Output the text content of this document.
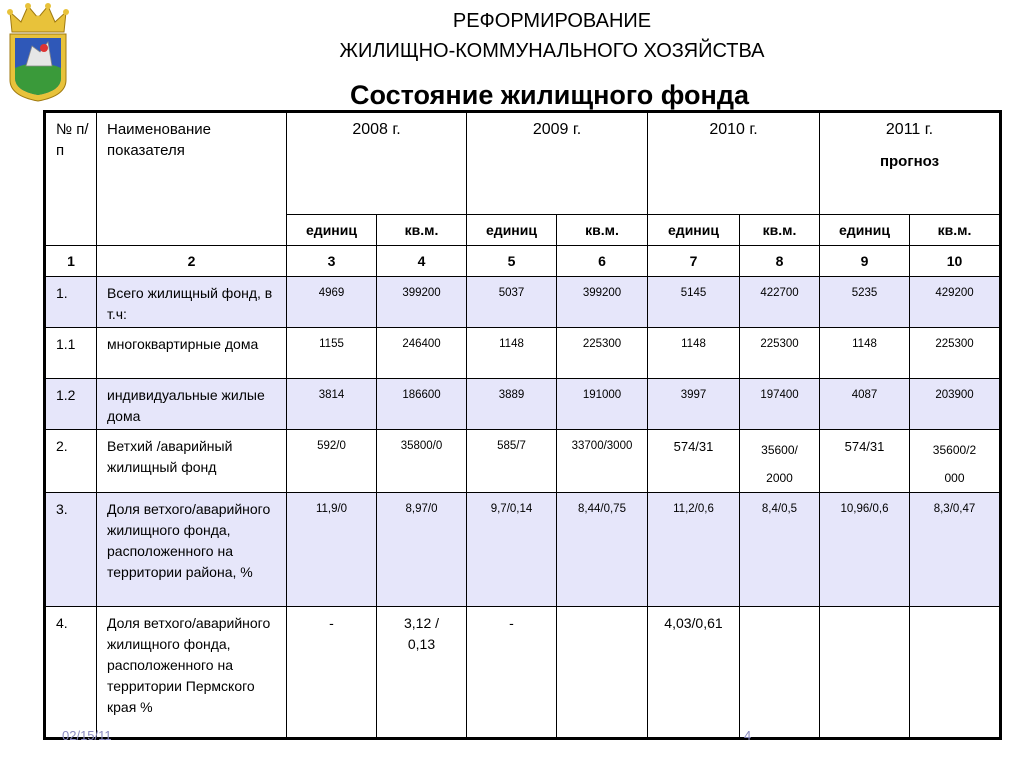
РЕФОРМИРОВАНИЕ
ЖИЛИЩНО-КОММУНАЛЬНОГО ХОЗЯЙСТВА
Состояние жилищного фонда
№ п/п	Наименование показателя	2008 г.		2009 г.		2010 г.		2011 г.
прогноз	

		единиц	кв.м.	единиц	кв.м.	единиц	кв.м.	единиц	кв.м.
1	2	3	4	5	6	7	8	9	10
1.	Всего жилищный фонд, в т.ч:	4969	399200	5037	399200	5145	422700	5235	429200
1.1	многоквартирные дома	1155	246400	1148	225300	1148	225300	1148	225300
1.2	индивидуальные жилые дома	3814	186600	3889	191000	3997	197400	4087	203900
2.	Ветхий /аварийный жилищный фонд	592/0	35800/0	585/7	33700/3000	574/31	35600/2000	574/31	35600/2000
3.	Доля ветхого/аварийного жилищного фонда, расположенного на территории района, %	11,9/0	8,97/0	9,7/0,14	8,44/0,75	11,2/0,6	8,4/0,5	10,96/0,6	8,3/0,47
4.	Доля ветхого/аварийного жилищного фонда, расположенного на территории Пермского края %	-	3,12 / 0,13	-		4,03/0,61			
02/15/11	4
